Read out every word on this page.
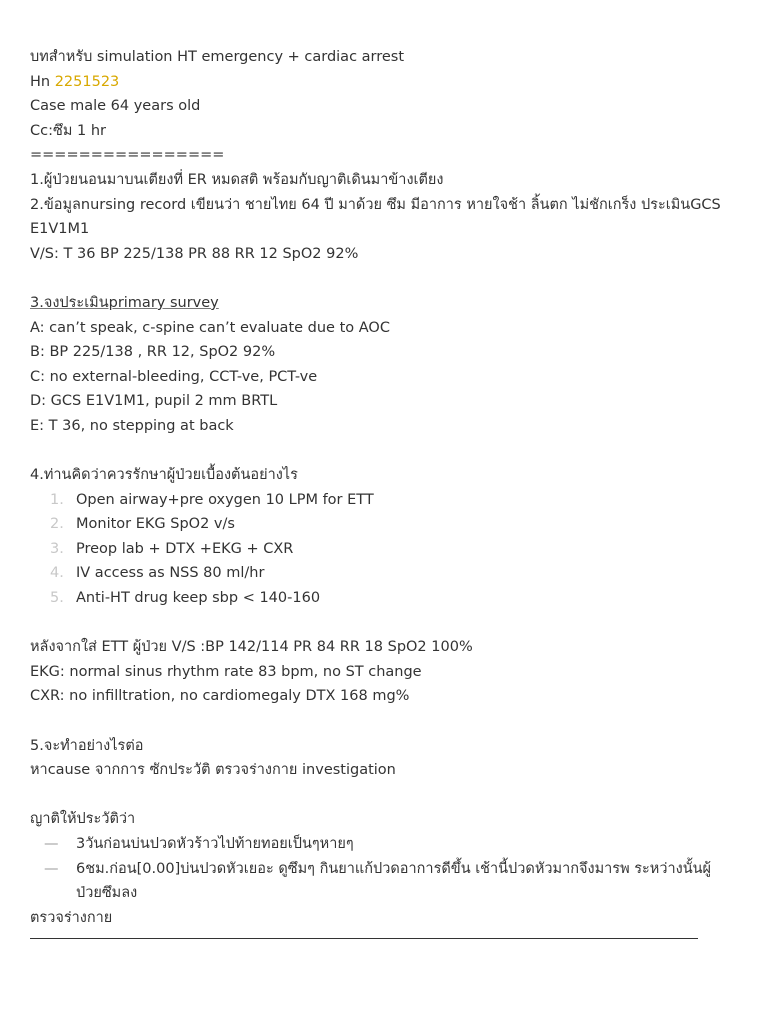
บทสำหรับ simulation HT emergency + cardiac arrest
Hn 2251523
Case male 64 years old
Cc:ซึม 1 hr
================
1.ผู้ป่วยนอนมาบนเตียงที่ ER หมดสติ พร้อมกับญาติเดินมาข้างเตียง
2.ข้อมูลnursing record เขียนว่า ชายไทย 64 ปี มาด้วย ซึม มีอาการ หายใจช้า ลิ้นตก ไม่ชักเกร็ง ประเมินGCS E1V1M1
V/S: T 36 BP 225/138 PR 88 RR 12 SpO2 92%
3.จงประเมินprimary survey
A: can’t speak, c-spine can’t evaluate due to AOC
B: BP 225/138 , RR 12, SpO2 92%
C: no external-bleeding, CCT-ve, PCT-ve
D: GCS E1V1M1, pupil 2 mm BRTL
E: T 36, no stepping at back
4.ท่านคิดว่าควรรักษาผู้ป่วยเบื้องต้นอย่างไร
1. Open airway+pre oxygen 10 LPM for ETT
2. Monitor EKG SpO2 v/s
3. Preop lab + DTX +EKG + CXR
4. IV access as NSS 80 ml/hr
5. Anti-HT drug keep sbp < 140-160
หลังจากใส่ ETT ผู้ป่วย V/S :BP 142/114 PR 84 RR 18 SpO2 100%
EKG: normal sinus rhythm rate 83 bpm, no ST change
CXR: no infilltration, no cardiomegaly DTX 168 mg%
5.จะทำอย่างไรต่อ
หาcause จากการ ซักประวัติ ตรวจร่างกาย investigation
ญาติให้ประวัติว่า
— 3วันก่อนบ่นปวดหัวร้าวไปท้ายทอยเป็นๆหายๆ
— 6ชม.ก่อน[0.00]บ่นปวดหัวเยอะ ดูซึมๆ กินยาแก้ปวดอาการดีขึ้น เช้านี้ปวดหัวมากจึงมารพ ระหว่างนั้นผู้ป่วยซึมลง
ตรวจร่างกาย
